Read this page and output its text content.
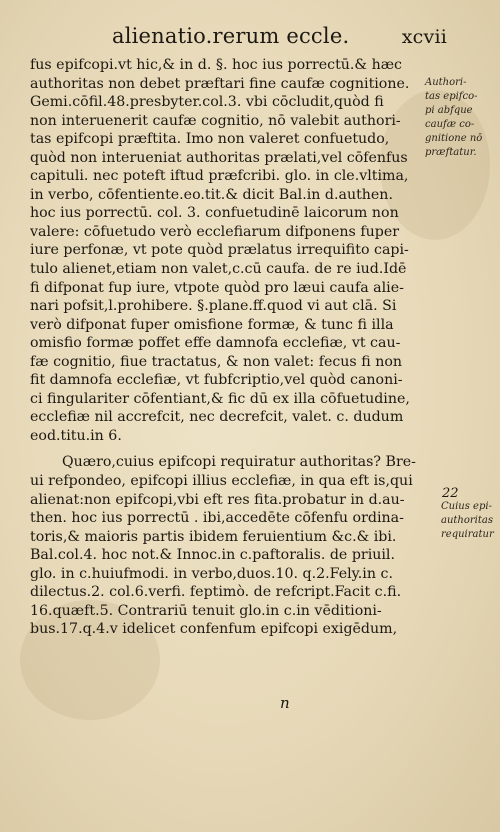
alienatio.rerum eccle.	xcvii
fus epifcopi.vt hic,& in d. §. hoc ius porrectū.& hæc
authoritas non debet præftari fine caufæ cognitione.
Gemi.cōfil.48.presbyter.col.3. vbi cōcludit,quòd fi
non interuenerit caufæ cognitio, nō valebit authori-
tas epifcopi præftita. Imo non valeret confuetudo,
quòd non interueniat authoritas prælati,vel cōfenfus
capituli. nec poteft iftud præfcribi. glo. in cle.vltima,
in verbo, cōfentiente.eo.tit.& dicit Bal.in d.authen.
hoc ius porrectū. col. 3. confuetudinē laicorum non
valere: cōfuetudo verò ecclefiarum difponens fuper
iure perfonæ, vt pote quòd prælatus irrequifito capi-
tulo alienet,etiam non valet,c.cū caufa. de re iud.Idē
fi difponat fup iure, vtpote quòd pro læui caufa alie-
nari pofsit,l.prohibere. §.plane.ff.quod vi aut clā. Si
verò difponat fuper omisfione formæ, & tunc fi illa
omisfio formæ poffet effe damnofa ecclefiæ, vt cau-
fæ cognitio, fiue tractatus, & non valet: fecus fi non
fit damnofa ecclefiæ, vt fubfcriptio,vel quòd canoni-
ci fingulariter cōfentiant,& fic dū ex illa cōfuetudine,
ecclefiæ nil accrefcit, nec decrefcit, valet. c. dudum
eod.titu.in 6.
Quæro,cuius epifcopi requiratur authoritas? Bre-
ui refpondeo, epifcopi illius ecclefiæ, in qua eft is,qui
alienat:non epifcopi,vbi eft res fita.probatur in d.au-
then. hoc ius porrectū . ibi,accedēte cōfenfu ordina-
toris,& maioris partis ibidem feruientium &c.& ibi.
Bal.col.4. hoc not.& Innoc.in c.paftoralis. de priuil.
glo. in c.huiufmodi. in verbo,duos.10. q.2.Fely.in c.
dilectus.2. col.6.verfi. feptimò. de refcript.Facit c.fi.
16.quæft.5. Contrariū tenuit glo.in c.in vēditioni-
bus.17.q.4.v idelicet confenfum epifcopi exigēdum,
n
Authori-
tas epifco-
pi abfque
caufæ co-
gnitione nō
præftatur.
22
Cuius epi-
authoritas
requiratur
